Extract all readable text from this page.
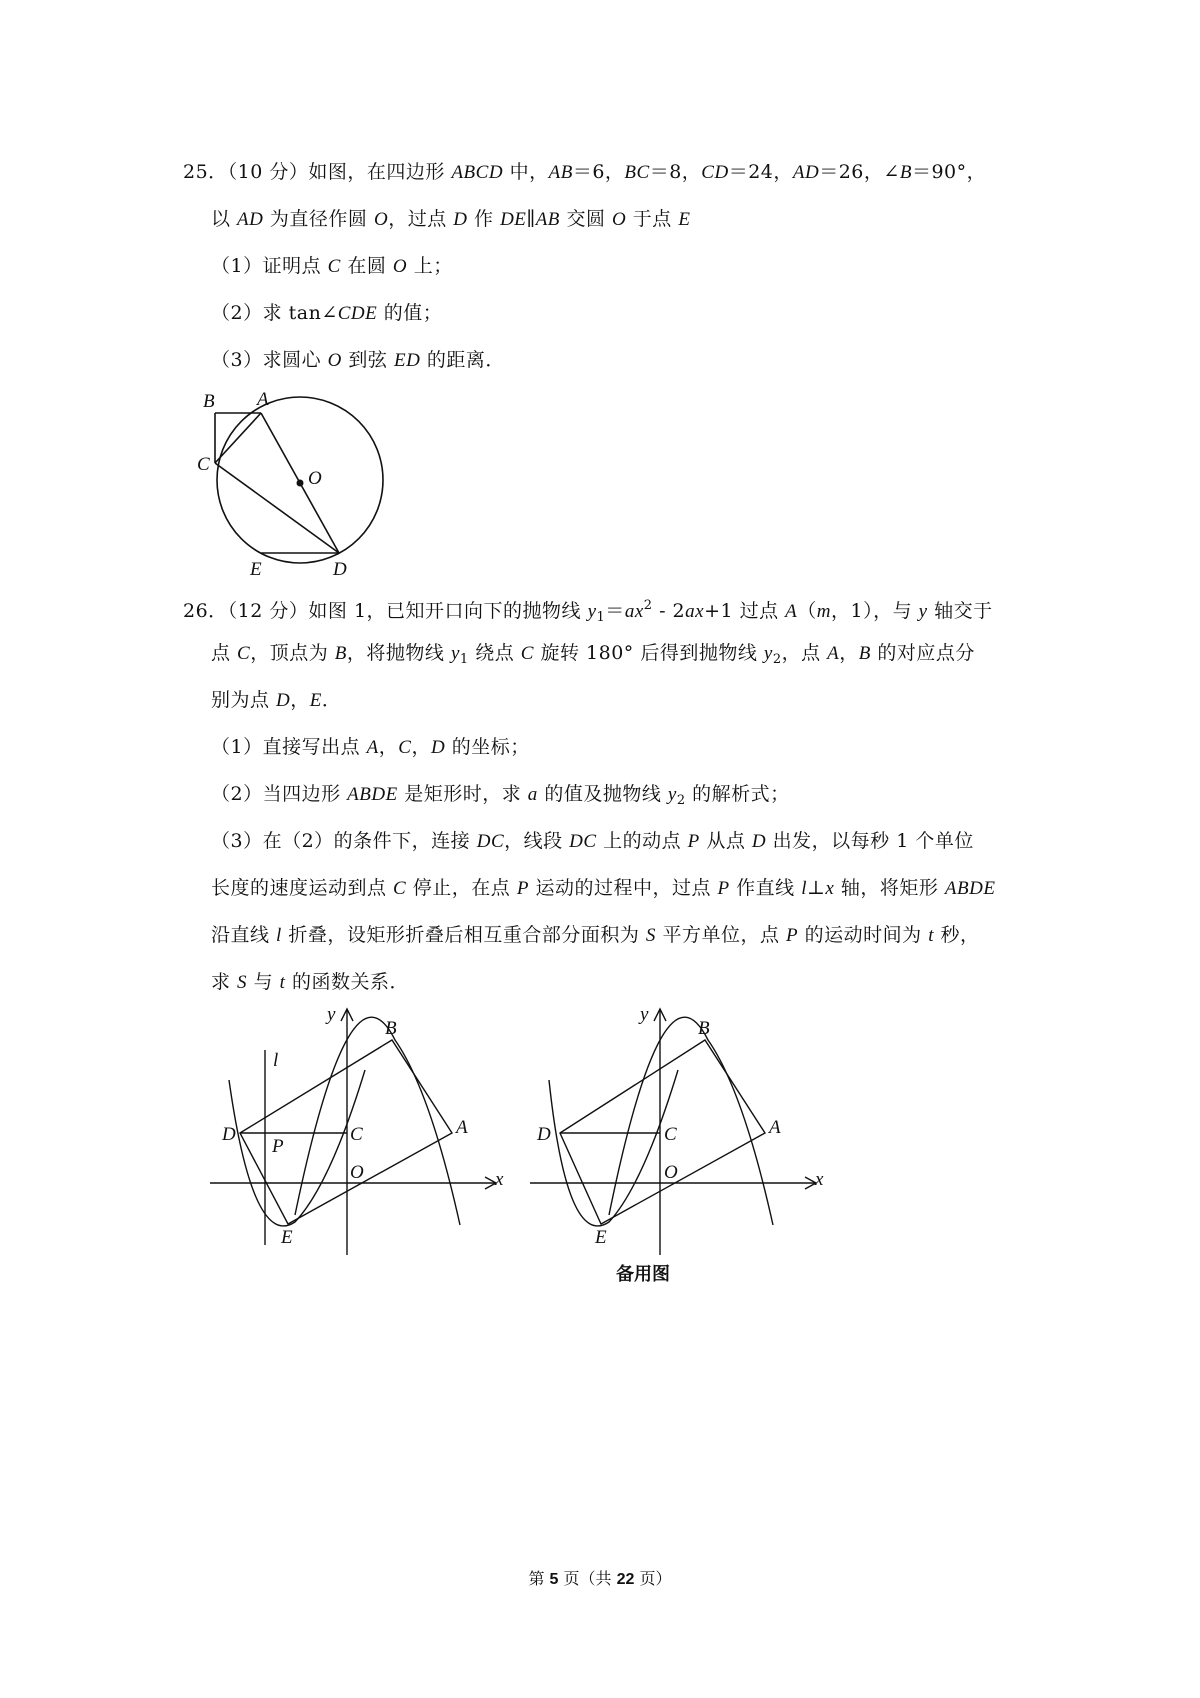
25．（10 分）如图，在四边形 ABCD 中，AB＝6，BC＝8，CD＝24，AD＝26，∠B＝90°，
以 AD 为直径作圆 O，过点 D 作 DE∥AB 交圆 O 于点 E
（1）证明点 C 在圆 O 上；
（2）求 tan∠CDE 的值；
（3）求圆心 O 到弦 ED 的距离．
B A
C
O
E	D
26．（12 分）如图 1，已知开口向下的抛物线 $y_1=ax^2 - 2ax+1$ 过点 A（m，1），与 y 轴交于
点 C，顶点为 B，将抛物线 $y_1$ 绕点 C 旋转 180° 后得到抛物线 $y_2$，点 A，B 的对应点分
别为点 D，E．
（1）直接写出点 A，C，D 的坐标；
（2）当四边形 ABDE 是矩形时，求 a 的值及抛物线 $y_2$ 的解析式；
（3）在（2）的条件下，连接 DC，线段 DC 上的动点 P 从点 D 出发，以每秒 1 个单位
长度的速度运动到点 C 停止，在点 P 运动的过程中，过点 P 作直线 l⊥x 轴，将矩形 ABDE
沿直线 l 折叠，设矩形折叠后相互重合部分面积为 S 平方单位，点 P 的运动时间为 t 秒，
求 S 与 t 的函数关系．
y
l
B
D
P
C	A
O	x
E
y
B
D	C	A
O	x
E
备用图
第 5 页（共 22 页）
